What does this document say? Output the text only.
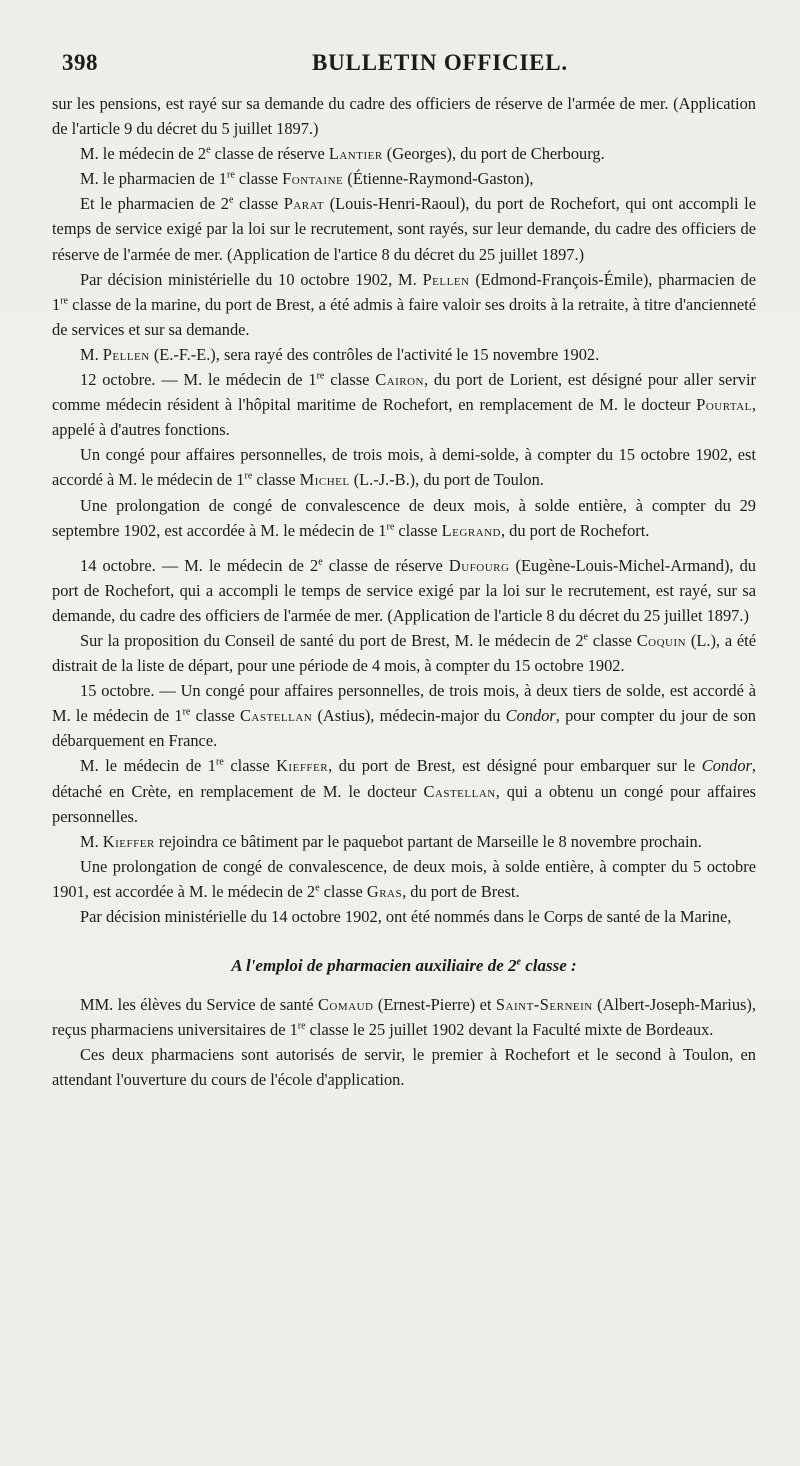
398	BULLETIN OFFICIEL.

sur les pensions, est rayé sur sa demande du cadre des officiers de réserve de l'armée de mer. (Application de l'article 9 du décret du 5 juillet 1897.)

M. le médecin de 2e classe de réserve Lantier (Georges), du port de Cherbourg.

M. le pharmacien de 1re classe Fontaine (Étienne-Raymond-Gaston),

Et le pharmacien de 2e classe Parat (Louis-Henri-Raoul), du port de Rochefort, qui ont accompli le temps de service exigé par la loi sur le recrutement, sont rayés, sur leur demande, du cadre des officiers de réserve de l'armée de mer. (Application de l'artice 8 du décret du 25 juillet 1897.)

Par décision ministérielle du 10 octobre 1902, M. Pellen (Edmond-François-Émile), pharmacien de 1re classe de la marine, du port de Brest, a été admis à faire valoir ses droits à la retraite, à titre d'ancienneté de services et sur sa demande.

M. Pellen (E.-F.-E.), sera rayé des contrôles de l'activité le 15 novembre 1902.

12 octobre. — M. le médecin de 1re classe Cairon, du port de Lorient, est désigné pour aller servir comme médecin résident à l'hôpital maritime de Rochefort, en remplacement de M. le docteur Pourtal, appelé à d'autres fonctions.

Un congé pour affaires personnelles, de trois mois, à demi-solde, à compter du 15 octobre 1902, est accordé à M. le médecin de 1re classe Michel (L.-J.-B.), du port de Toulon.

Une prolongation de congé de convalescence de deux mois, à solde entière, à compter du 29 septembre 1902, est accordée à M. le médecin de 1re classe Legrand, du port de Rochefort.

14 octobre. — M. le médecin de 2e classe de réserve Dufourg (Eugène-Louis-Michel-Armand), du port de Rochefort, qui a accompli le temps de service exigé par la loi sur le recrutement, est rayé, sur sa demande, du cadre des officiers de l'armée de mer. (Application de l'article 8 du décret du 25 juillet 1897.)

Sur la proposition du Conseil de santé du port de Brest, M. le médecin de 2e classe Coquin (L.), a été distrait de la liste de départ, pour une période de 4 mois, à compter du 15 octobre 1902.

15 octobre. — Un congé pour affaires personnelles, de trois mois, à deux tiers de solde, est accordé à M. le médecin de 1re classe Castellan (Astius), médecin-major du Condor, pour compter du jour de son débarquement en France.

M. le médecin de 1re classe Kieffer, du port de Brest, est désigné pour embarquer sur le Condor, détaché en Crète, en remplacement de M. le docteur Castellan, qui a obtenu un congé pour affaires personnelles.

M. Kieffer rejoindra ce bâtiment par le paquebot partant de Marseille le 8 novembre prochain.

Une prolongation de congé de convalescence, de deux mois, à solde entière, à compter du 5 octobre 1901, est accordée à M. le médecin de 2e classe Gras, du port de Brest.

Par décision ministérielle du 14 octobre 1902, ont été nommés dans le Corps de santé de la Marine,

A l'emploi de pharmacien auxiliaire de 2e classe :

MM. les élèves du Service de santé Comaud (Ernest-Pierre) et Saint-Sernein (Albert-Joseph-Marius), reçus pharmaciens universitaires de 1re classe le 25 juillet 1902 devant la Faculté mixte de Bordeaux.

Ces deux pharmaciens sont autorisés de servir, le premier à Rochefort et le second à Toulon, en attendant l'ouverture du cours de l'école d'application.
